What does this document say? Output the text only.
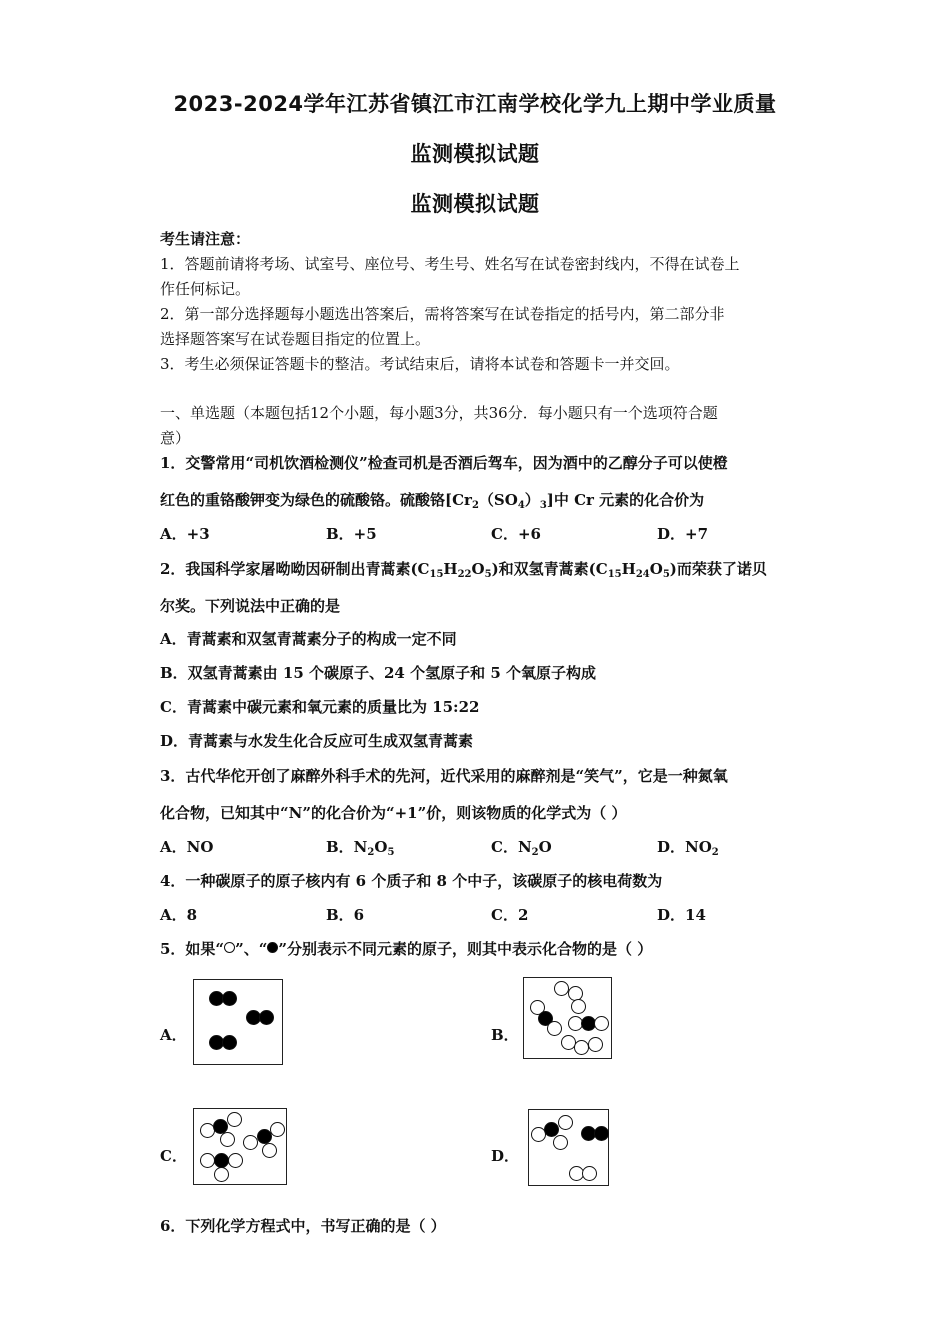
2023-2024学年江苏省镇江市江南学校化学九上期中学业质量
监测模拟试题
监测模拟试题
考生请注意：
1．答题前请将考场、试室号、座位号、考生号、姓名写在试卷密封线内，不得在试卷上
作任何标记。
2．第一部分选择题每小题选出答案后，需将答案写在试卷指定的括号内，第二部分非
选择题答案写在试卷题目指定的位置上。
3．考生必须保证答题卡的整洁。考试结束后，请将本试卷和答题卡一并交回。
一、单选题（本题包括12个小题，每小题3分，共36分．每小题只有一个选项符合题
意）
1．交警常用“司机饮酒检测仪”检查司机是否酒后驾车，因为酒中的乙醇分子可以使橙
红色的重铬酸钾变为绿色的硫酸铬。硫酸铬$[Cr_2(SO_4)_3]$中 Cr 元素的化合价为
A．+3	B．+5	C．+6	D．+7
2．我国科学家屠呦呦因研制出青蒿素$(C_{15}H_{22}O_5)$和双氢青蒿素$(C_{15}H_{24}O_5)$而荣获了诺贝
尔奖。下列说法中正确的是
A．青蒿素和双氢青蒿素分子的构成一定不同
B．双氢青蒿素由 15 个碳原子、24 个氢原子和 5 个氧原子构成
C．青蒿素中碳元素和氧元素的质量比为 15:22
D．青蒿素与水发生化合反应可生成双氢青蒿素
3．古代华佗开创了麻醉外科手术的先河，近代采用的麻醉剂是“笑气”，它是一种氮氧
化合物，已知其中“N”的化合价为“+1”价，则该物质的化学式为（ ）
A．NO	B．$N_2O_5$	C．$N_2O$	D．$NO_2$
4．一种碳原子的原子核内有 6 个质子和 8 个中子，该碳原子的核电荷数为
A．8	B．6	C．2	D．14
5．如果“ ”、“ ”分别表示不同元素的原子，则其中表示化合物的是（ ）
A．	B．
C．	D．
6．下列化学方程式中，书写正确的是（ ）
